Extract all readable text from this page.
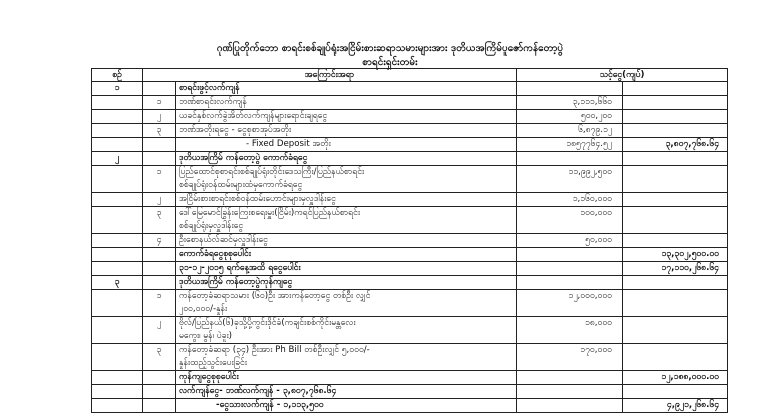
ဂုဏ်ပြုတိုက်ဘော စာရင်းစစ်ချုပ်ရုံးအငြိမ်းစားဆရာသမားများအား ဒုတိယအကြိမ်ပူဇော်ကန်တော့ပွဲ
စာရင်းရှင်းတမ်း
စဉ်	အကြောင်းအရာ		သင့်ငွေ(ကျပ်)	
၁		စာရင်းဖွင့်လက်ကျန်		
	၁	ဘဏ်စာရင်းလက်ကျန်	၃,၁၁၁,၆၆၀	
	၂	ယခင်နှစ်လက်ခွဲအိတ်လက်ကျန်များရောင်းချရငွေ	၅၀၀,၂၀၀	
	၃	ဘဏ်အတိုးရငွေ - ငွေစုစာအုပ်အတိုး	၆,၈၇၉.၁၂	
		- Fixed Deposit အတိုး	၁၈၅၇၇၆၄.၅၂	၃,၈၀၇,၇၆၈.၆၄
၂		ဒုတိယအကြိမ် ကန်တော့ပွဲ ကောက်ခံရငွေ		
	၁	ပြည်ထောင်စုစာရင်းစစ်ချုပ်ရုံးတိုင်းဒေသကြီး/ပြည်နယ်စာရင်း
စစ်ချုပ်ရုံးဝန်ထမ်းများထံမှကောက်ခံရငွေ	၁၁,၉၉၂,၅၀၀	
	၂	အငြိမ်းစားစာရင်းစစ်ဝန်ထမ်းဟောင်းများမှလှူဒါန်းငွေ	၁,၁၆၀,၀၀၀	
	၃	ဒေါ်မြေမောင်ခြွန်းကြေးစရေးမှူး(ငြိမ်း)ကရင်ပြည်နယ်စာရင်း
စစ်ချုပ်ရုံးမှလှူဒါန်းငွေ	၁၀၀,၀၀၀	
	၄	ဦးစောနယ်လ်ဆင်မှလှူဒါန်းငွေ	၅၀,၀၀၀	
		ကောက်ခံရငွေစုစုပေါင်း		၁၃,၃၀၂,၅၀၀.၀၀
		၃၁-၁၂-၂၀၁၅ ရက်နေ့အထိ ရငွေပေါင်း		၁၇,၁၁၀,၂၆၈.၆၄
၃		ဒုတိယအကြိမ် ကန်တော့ပွဲကုန်ကျငွေ		
	၁	ကန်တော့ခံဆရာသမား (၆၀)ဦး အားကန်တော့ငွေ တစ်ဦး လျှင်
၂၀၀,၀၀၀/-နှုန်း	၁၂,၀၀၀,၀၀၀	
	၂	ဗိုလ်/ပြည်နယ်(၆)ခုသို့ပို့ကွင်းဒိုင်ခံ(ကချင်းစစ်ကိုင်းမန္တလေး
မကွေး၊ မွန်၊ ပဲခူး)	၁၈,၀၀၀	
	၃	ကန်တော့ခံဆရာ (၃၄) ဦးအား Ph Bill တစ်ဦးလျှင် ၅,၀၀၀/-
နှုန်းထည့်သွင်းပေးခြင်း	၁၇၀,၀၀၀	
		ကုန်ကျငွေစုစုပေါင်း		၁၂,၁၈၈,၀၀၀.၀၀
		လက်ကျန်ငွေ- ဘဏ်လက်ကျန် - ၃,၈၀၇,၇၆၈.၆၄		
		-ငွေသားလက်ကျန် - ၁,၁၁၃,၅၀၀		၄,၉၂၁,၂၆၈.၆၄
